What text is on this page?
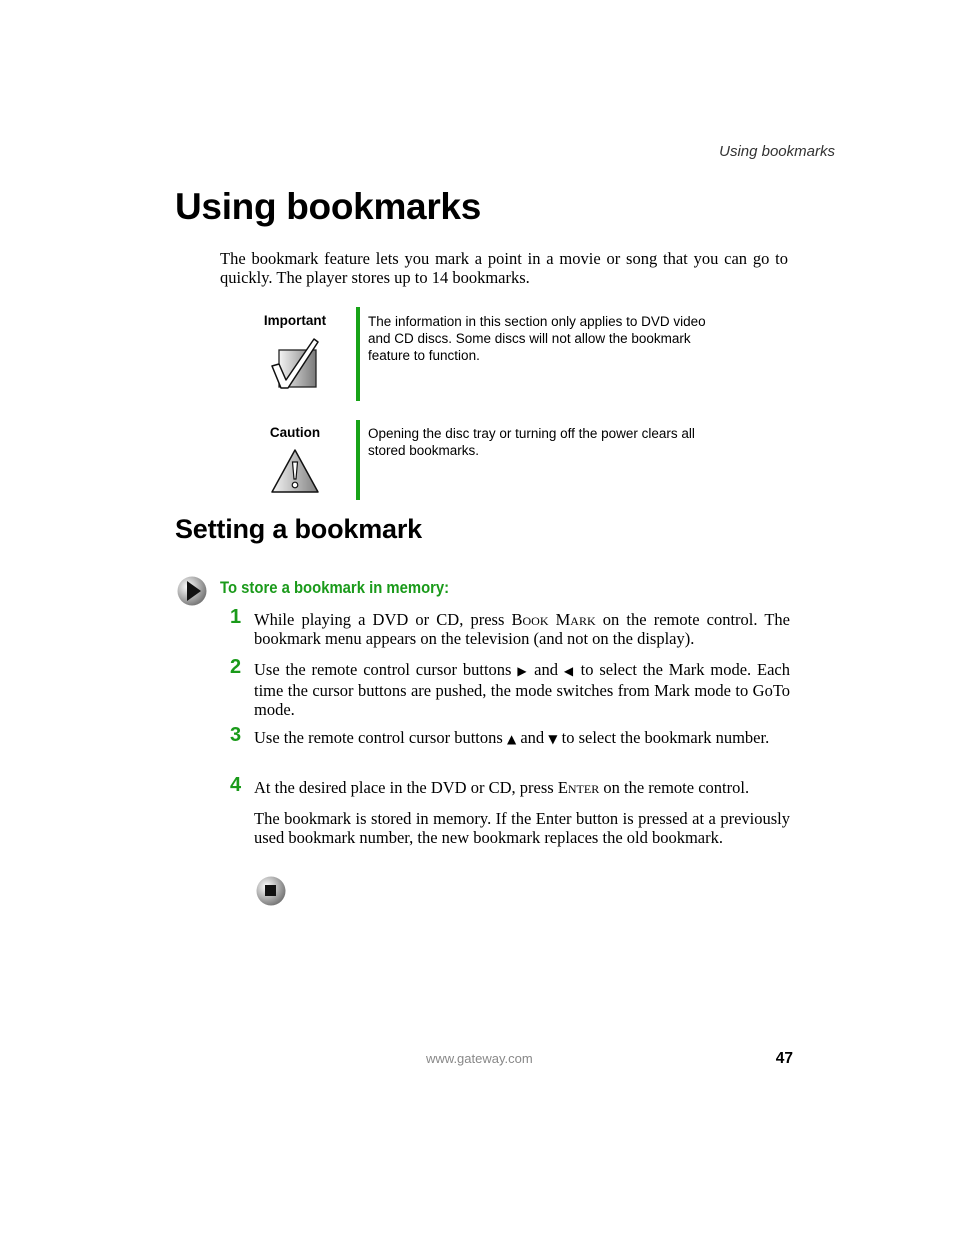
Using bookmarks
Using bookmarks

The bookmark feature lets you mark a point in a movie or song that you can go to quickly. The player stores up to 14 bookmarks.

Important	The information in this section only applies to DVD video and CD discs. Some discs will not allow the bookmark feature to function.

Caution	Opening the disc tray or turning off the power clears all stored bookmarks.

Setting a bookmark
To store a bookmark in memory:
1 While playing a DVD or CD, press Book Mark on the remote control. The bookmark menu appears on the television (and not on the display).

2 Use the remote control cursor buttons ▶ and ◀ to select the Mark mode. Each time the cursor buttons are pushed, the mode switches from Mark mode to GoTo mode.

3 Use the remote control cursor buttons ▲ and ▼ to select the bookmark number.

4 At the desired place in the DVD or CD, press Enter on the remote control.

The bookmark is stored in memory. If the Enter button is pressed at a previously used bookmark number, the new bookmark replaces the old bookmark.

www.gateway.com	47
